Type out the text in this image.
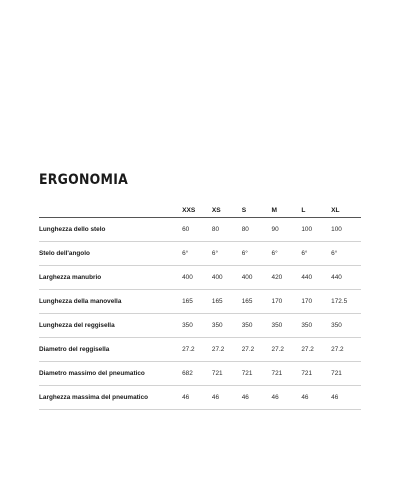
ERGONOMIA
	XXS	XS	S	M	L	XL
Lunghezza dello stelo	60	80	80	90	100	100
Stelo dell'angolo	6°	6°	6°	6°	6°	6°
Larghezza manubrio	400	400	400	420	440	440
Lunghezza della manovella	165	165	165	170	170	172.5
Lunghezza del reggisella	350	350	350	350	350	350
Diametro del reggisella	27.2	27.2	27.2	27.2	27.2	27.2
Diametro massimo del pneumatico	682	721	721	721	721	721
Larghezza massima del pneumatico	46	46	46	46	46	46
